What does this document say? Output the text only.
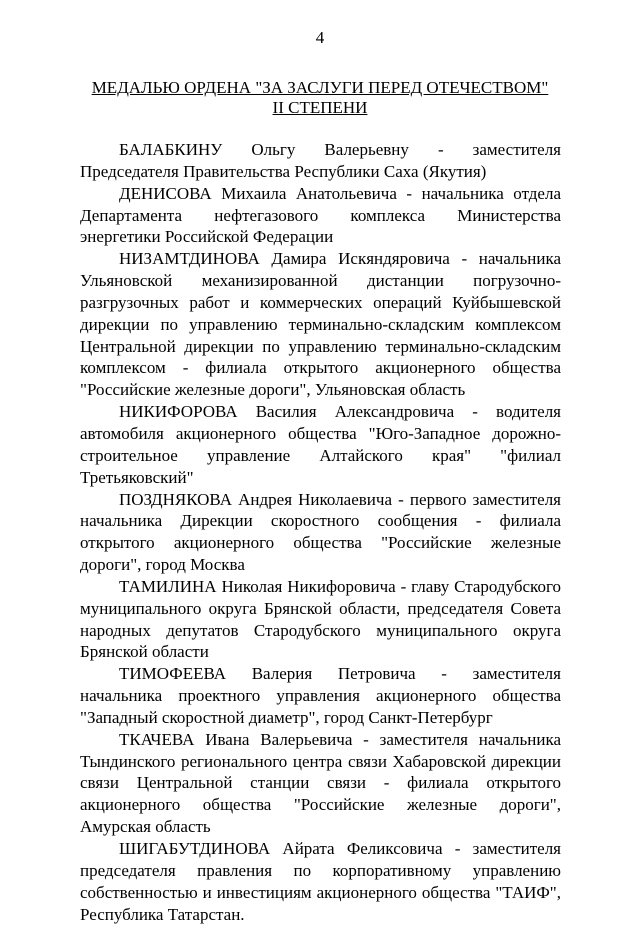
4
МЕДАЛЬЮ ОРДЕНА "ЗА ЗАСЛУГИ ПЕРЕД ОТЕЧЕСТВОМ"
II СТЕПЕНИ

БАЛАБКИНУ Ольгу Валерьевну - заместителя Председателя Правительства Республики Саха (Якутия)

ДЕНИСОВА Михаила Анатольевича - начальника отдела Департамента нефтегазового комплекса Министерства энергетики Российской Федерации

НИЗАМТДИНОВА Дамира Искяндяровича - начальника Ульяновской механизированной дистанции погрузочно-разгрузочных работ и коммерческих операций Куйбышевской дирекции по управлению терминально-складским комплексом Центральной дирекции по управлению терминально-складским комплексом - филиала открытого акционерного общества "Российские железные дороги", Ульяновская область

НИКИФОРОВА Василия Александровича - водителя автомобиля акционерного общества "Юго-Западное дорожно-строительное управление Алтайского края" "филиал Третьяковский"

ПОЗДНЯКОВА Андрея Николаевича - первого заместителя начальника Дирекции скоростного сообщения - филиала открытого акционерного общества "Российские железные дороги", город Москва

ТАМИЛИНА Николая Никифоровича - главу Стародубского муниципального округа Брянской области, председателя Совета народных депутатов Стародубского муниципального округа Брянской области

ТИМОФЕЕВА Валерия Петровича - заместителя начальника проектного управления акционерного общества "Западный скоростной диаметр", город Санкт-Петербург

ТКАЧЕВА Ивана Валерьевича - заместителя начальника Тындинского регионального центра связи Хабаровской дирекции связи Центральной станции связи - филиала открытого акционерного общества "Российские железные дороги", Амурская область

ШИГАБУТДИНОВА Айрата Феликсовича - заместителя председателя правления по корпоративному управлению собственностью и инвестициям акционерного общества "ТАИФ", Республика Татарстан.
